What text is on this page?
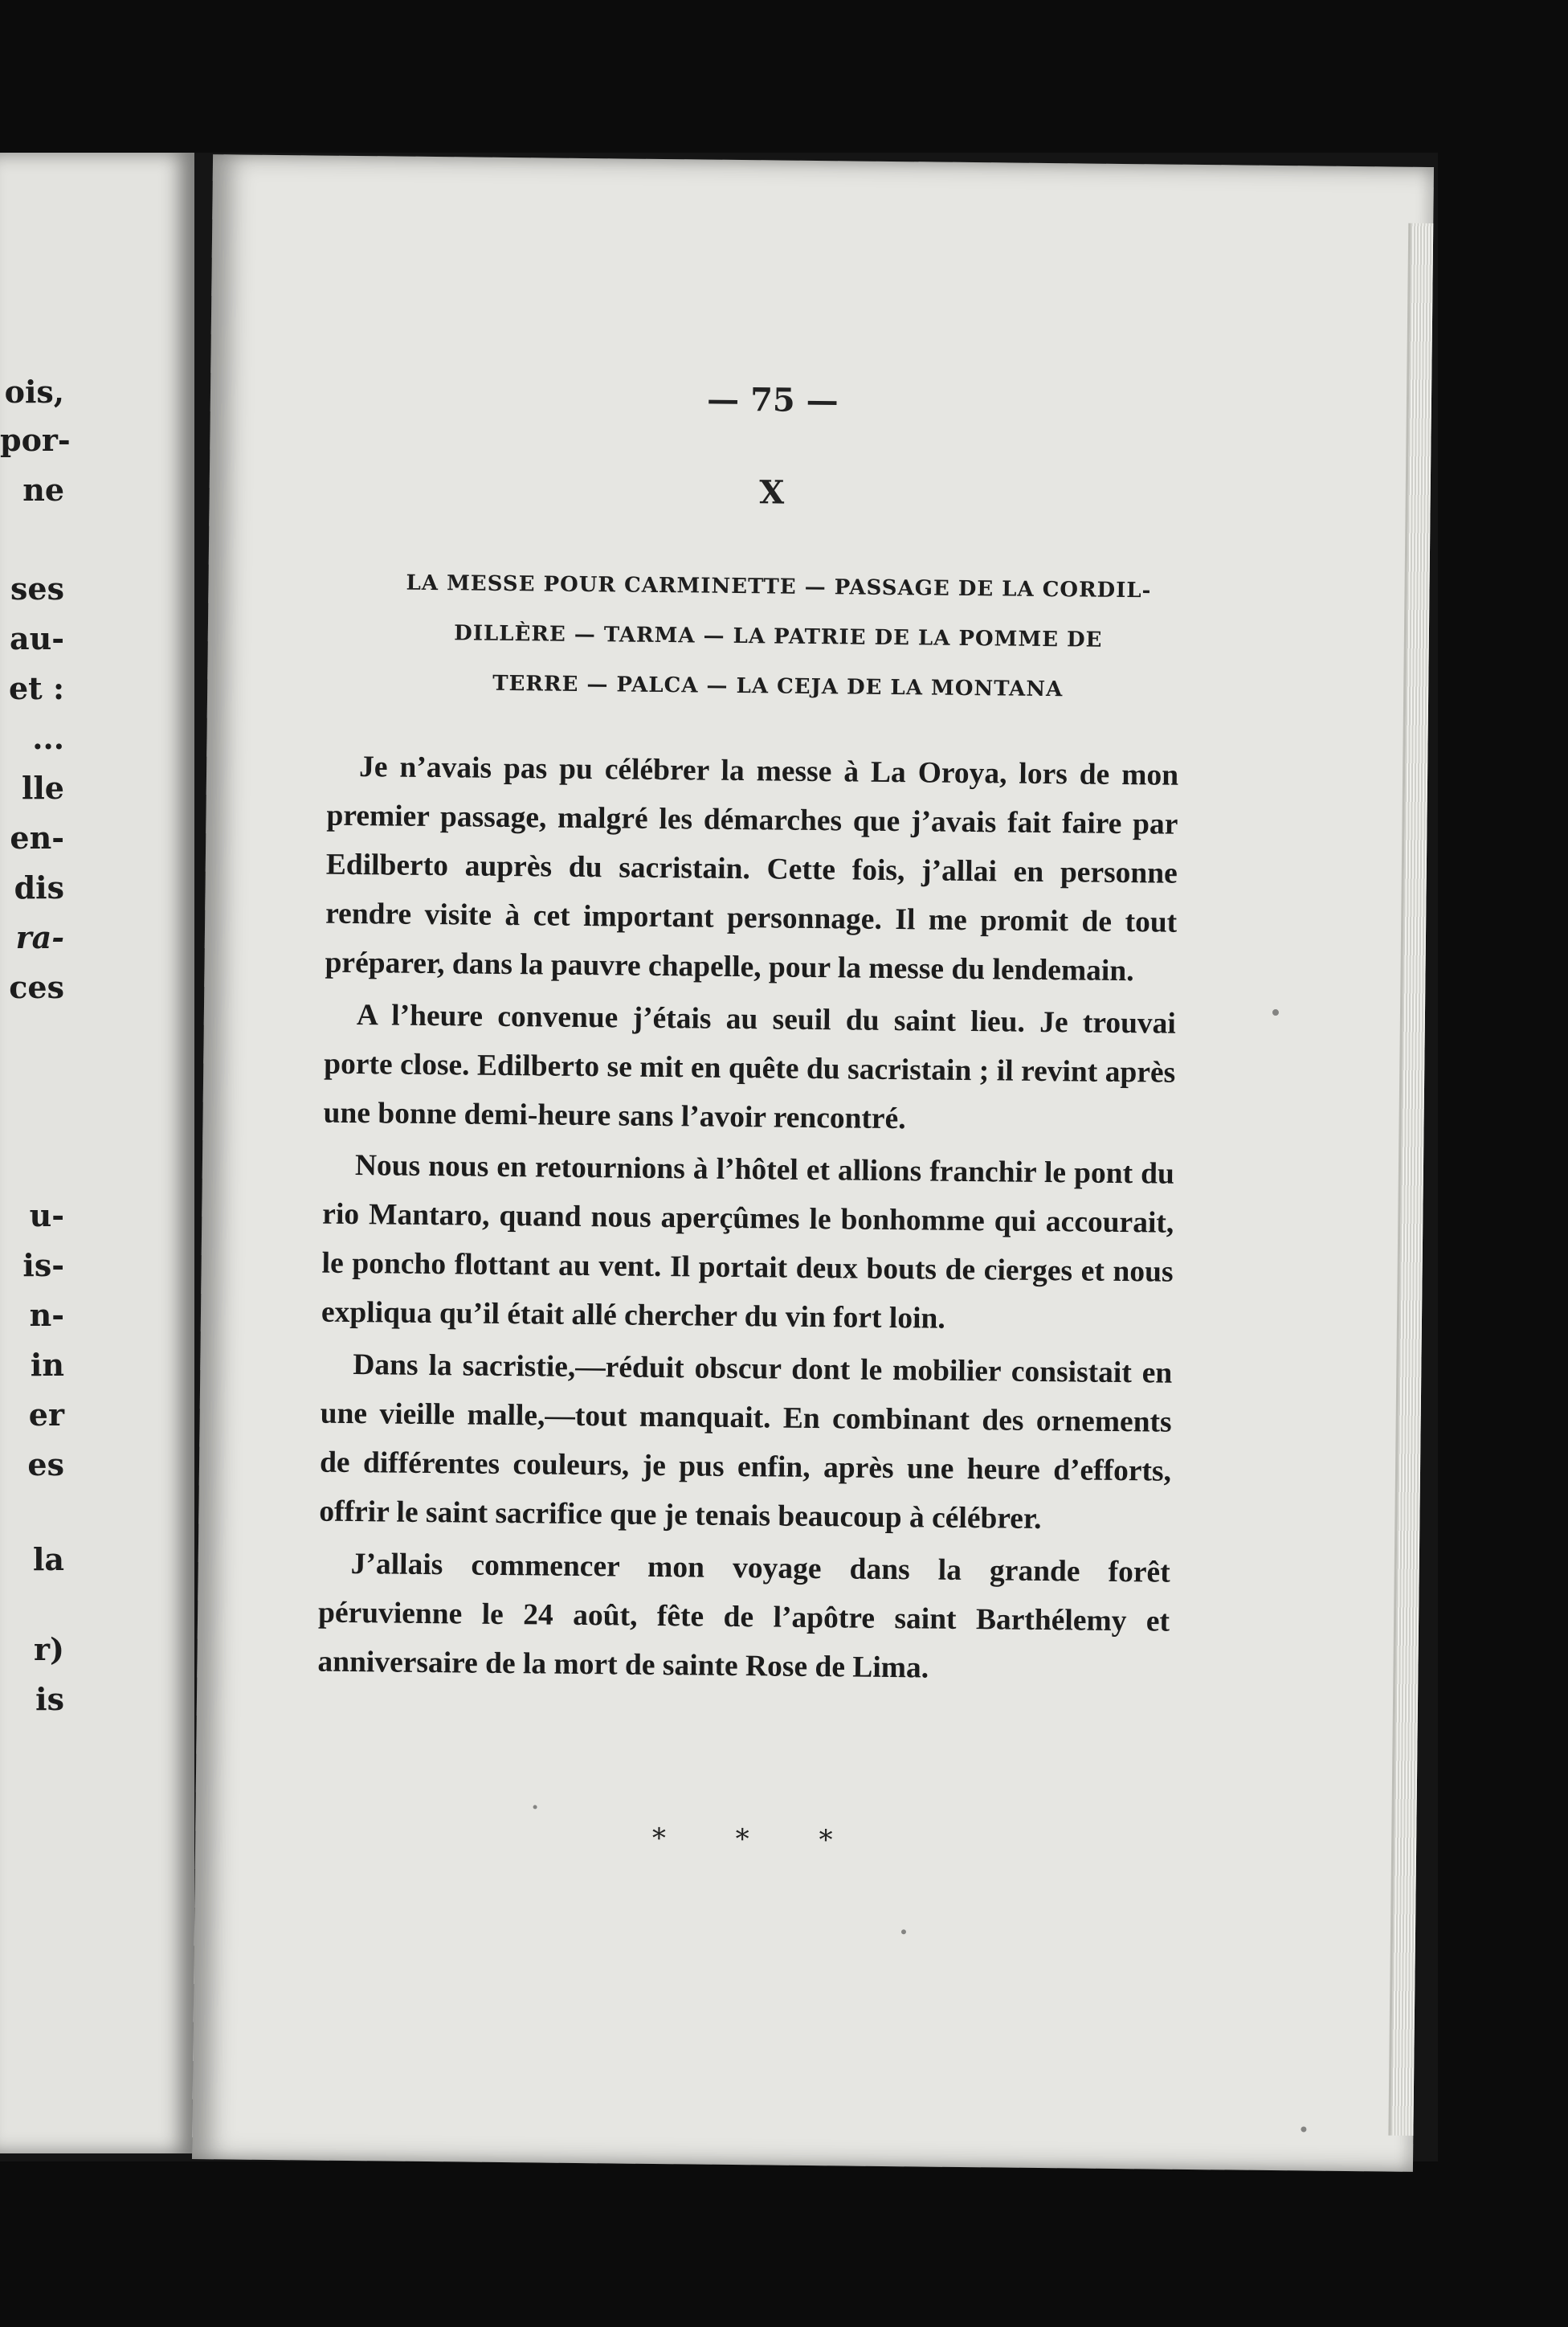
ois,
por-
ne
ses
au-
et :
...
lle
en-
dis
ra-
ces
u-
is-
n-
in
er
es
la
r)
is
— 75 —
X
LA MESSE POUR CARMINETTE — PASSAGE DE LA CORDIL-
DILLÈRE — TARMA — LA PATRIE DE LA POMME DE
TERRE — PALCA — LA CEJA DE LA MONTANA

Je n’avais pas pu célébrer la messe à La Oroya, lors de mon premier passage, malgré les démarches que j’avais fait faire par Edilberto auprès du sacristain. Cette fois, j’allai en personne rendre visite à cet important personnage. Il me promit de tout préparer, dans la pauvre chapelle, pour la messe du lendemain.

A l’heure convenue j’étais au seuil du saint lieu. Je trouvai porte close. Edilberto se mit en quête du sacristain ; il revint après une bonne demi-heure sans l’avoir rencontré.

Nous nous en retournions à l’hôtel et allions franchir le pont du rio Mantaro, quand nous aperçûmes le bonhomme qui accourait, le poncho flottant au vent. Il portait deux bouts de cierges et nous expliqua qu’il était allé chercher du vin fort loin.

Dans la sacristie,—réduit obscur dont le mobilier consistait en une vieille malle,—tout manquait. En combinant des ornements de différentes couleurs, je pus enfin, après une heure d’efforts, offrir le saint sacrifice que je tenais beaucoup à célébrer.

J’allais commencer mon voyage dans la grande forêt péruvienne le 24 août, fête de l’apôtre saint Barthélemy et anniversaire de la mort de sainte Rose de Lima.

* * *
